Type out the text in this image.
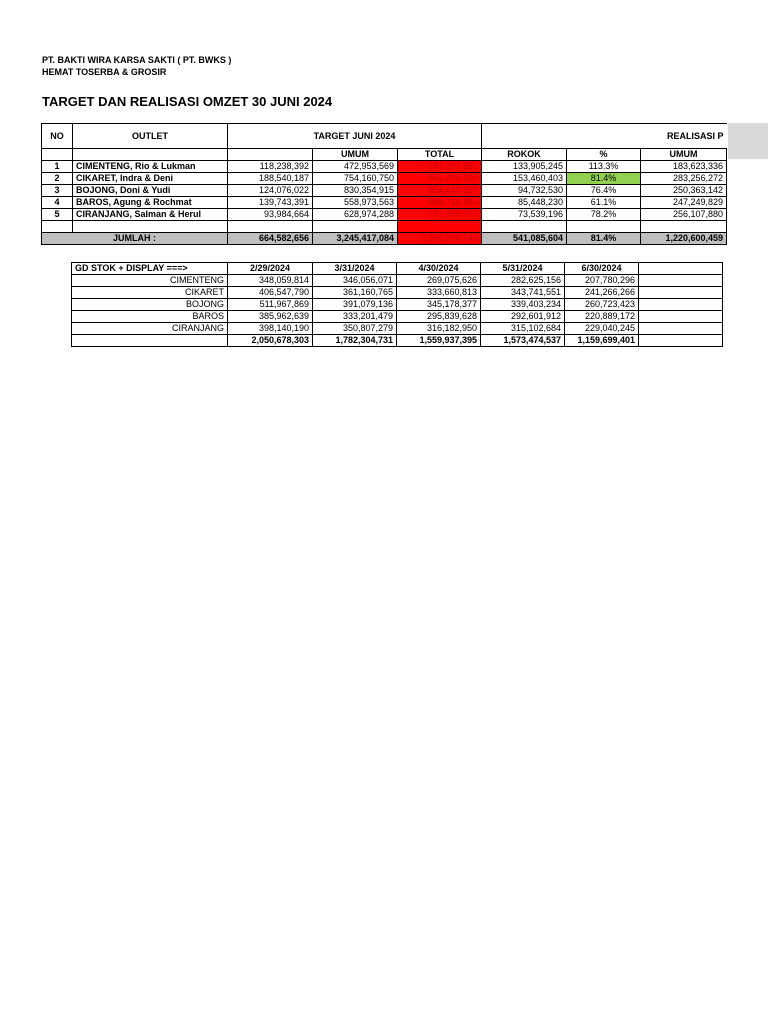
PT. BAKTI WIRA KARSA SAKTI ( PT. BWKS )
HEMAT TOSERBA & GROSIR
TARGET DAN REALISASI OMZET 30 JUNI 2024
NO	OUTLET	TARGET JUNI 2024			REALISASI P		

			UMUM	TOTAL	ROKOK	%	UMUM
1	CIMENTENG, Rio & Lukman	118,238,392	472,953,569	591,191,961	133,905,245	113.3%	183,623,336
2	CIKARET, Indra & Deni	188,540,187	754,160,750	942,700,937	153,460,403	81.4%	283,256,272
3	BOJONG, Doni & Yudi	124,076,022	830,354,915	954,430,937	94,732,530	76.4%	250,363,142
4	BAROS, Agung & Rochmat	139,743,391	558,973,563	698,716,954	85,448,230	61.1%	247,249,829
5	CIRANJANG, Salman & Herul	93,984,664	628,974,288	722,958,952	73,539,196	78.2%	256,107,880

JUMLAH :		664,582,656	3,245,417,084	3,909,999,740	541,085,604	81.4%	1,220,600,459
GD STOK + DISPLAY ===>	2/29/2024	3/31/2024	4/30/2024	5/31/2024	6/30/2024	
CIMENTENG	348,059,814	346,056,071	269,075,626	282,625,156	207,780,296	
CIKARET	406,547,790	361,160,765	333,660,813	343,741,551	241,266,266	
BOJONG	511,967,869	391,079,136	345,178,377	339,403,234	260,723,423	
BAROS	385,962,639	333,201,479	295,839,628	292,601,912	220,889,172	
CIRANJANG	398,140,190	350,807,279	316,182,950	315,102,684	229,040,245	
	2,050,678,303	1,782,304,731	1,559,937,395	1,573,474,537	1,159,699,401	
